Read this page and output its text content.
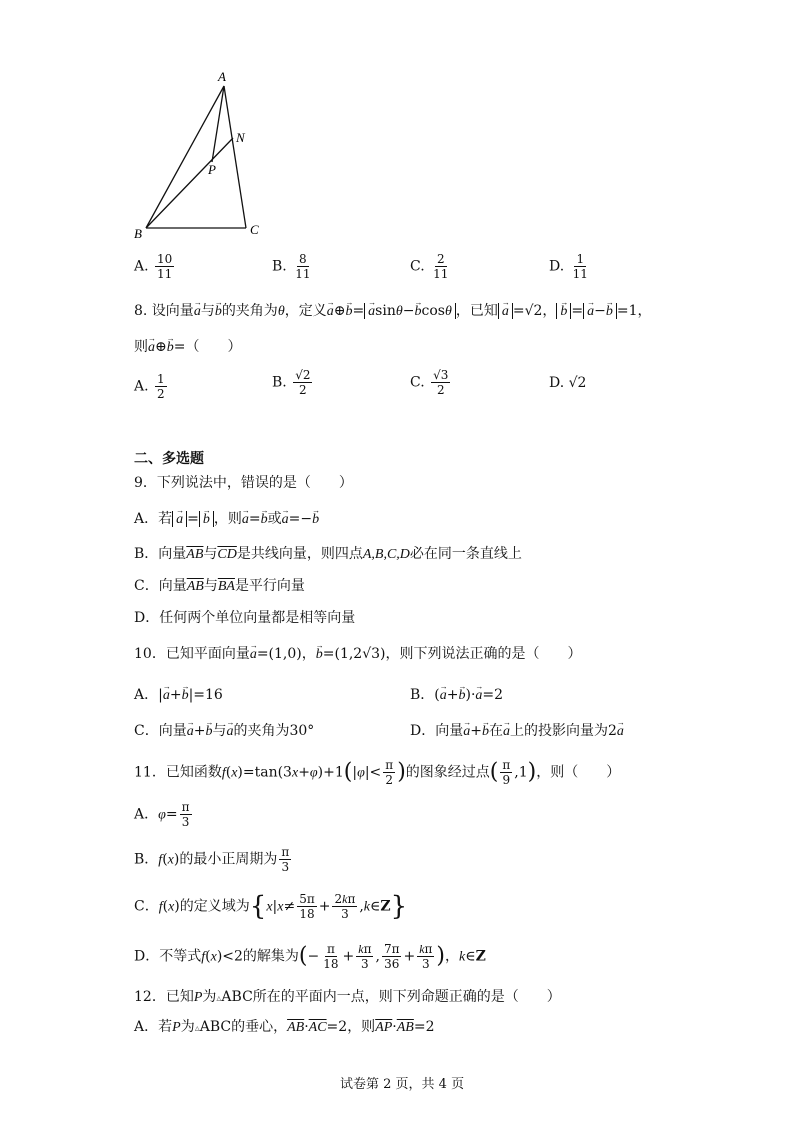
A
N
P
B	C
A. $\frac{10}{11}$	B. $\frac{8}{11}$	C. $\frac{2}{11}$	D. $\frac{1}{11}$
8. 设向量→ a与→ b的夹角为θ，定义→ a⊕→ b= → asinθ−→ bcosθ ，已知 → a =√2， → b = → a−→ b =1，
则→ a⊕→ b=（　　）
A. $\frac{1}{2}$	B. $\frac{√2}{2}$	C. $\frac{√3}{2}$	D. √2
二、多选题
9．下列说法中，错误的是（　　）
A．若 → a = → b ，则→ a=→ b或→ a=−→ b
B．向量$\overline{AB}$与$\overline{CD}$是共线向量，则四点A,B,C,D必在同一条直线上
C．向量$\overline{AB}$与$\overline{BA}$是平行向量
D．任何两个单位向量都是相等向量
10．已知平面向量→ a=(1,0)，→ b=(1,2√3)，则下列说法正确的是（　　）
A．|→ a+→ b|=16	B．(→ a+→ b)·→ a=2
C．向量→ a+→ b与→ a的夹角为30°	D．向量→ a+→ b在→ a上的投影向量为2→ a
11．已知函数$f(x)=\tan(3x+\varphi)+1(|\varphi|< \frac{\pi}{2}$ )的图象经过点( $\frac{\pi}{9} ,1$)，则（　　）
A．$\varphi= \frac{\pi}{3}$
B．f(x)的最小正周期为 $\frac{\pi}{3}$
C．f(x)的定义域为{$x|x\ne \frac{5\pi}{18} + \frac{2k\pi}{3}$ ,k∈Z}
D．不等式f(x)<2的解集为(− $\frac{\pi}{18} + \frac{k\pi}{3}$ , $\frac{7\pi}{36} + \frac{k\pi}{3}$ )，k∈Z
12．已知P为▵ABC所在的平面内一点，则下列命题正确的是（　　）
A．若P为▵ABC的垂心，$\overline{AB}\cdot\overline{AC}=2$，则$\overline{AP}\cdot\overline{AB}=2$
试卷第 2 页，共 4 页
